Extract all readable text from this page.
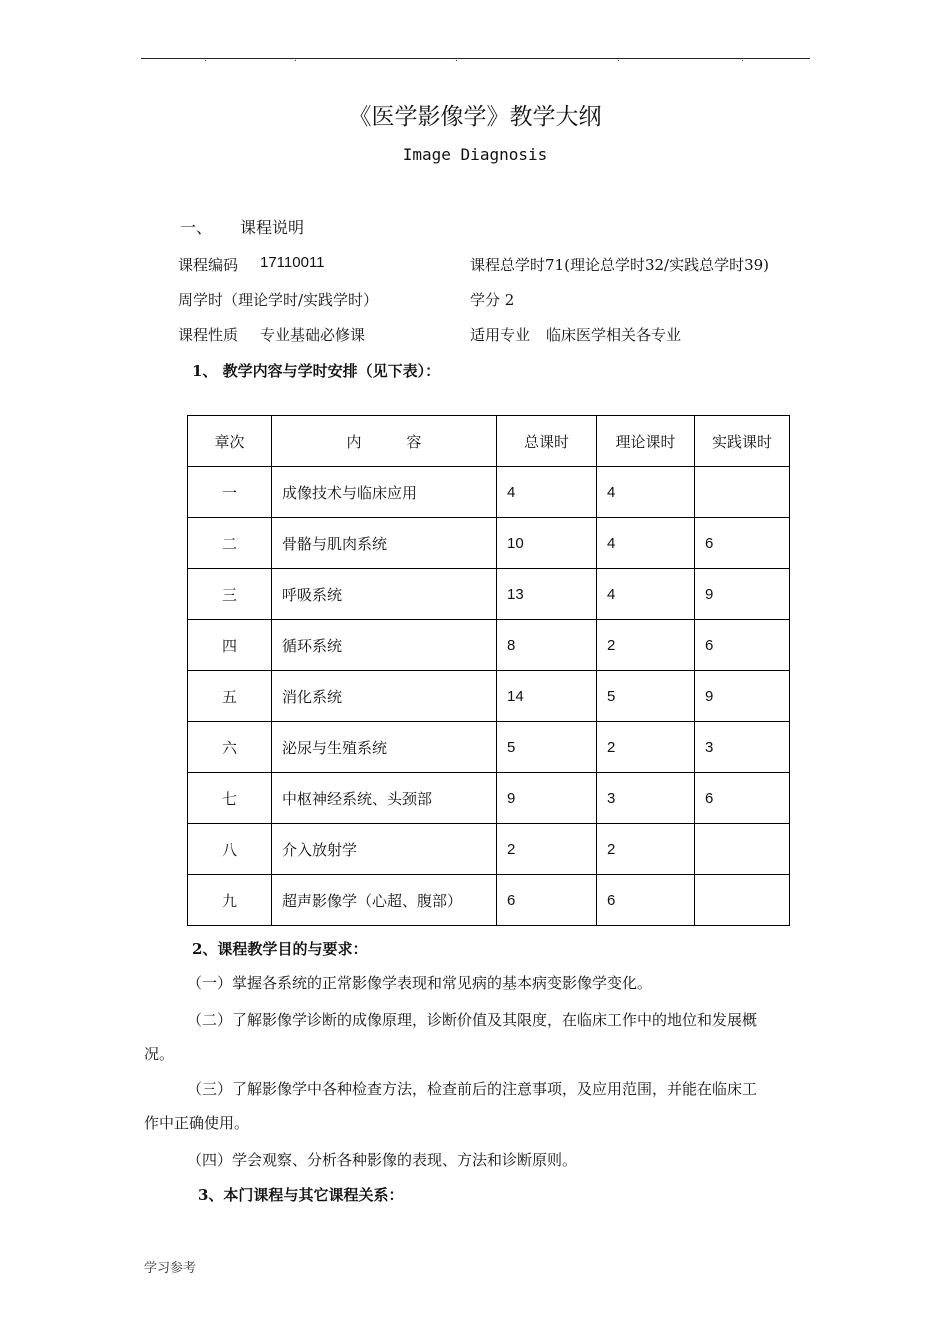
.	.	.	.	.
《医学影像学》教学大纲
Image Diagnosis
一、 课程说明
课程编码 17110011	课程总学时71(理论总学时32/实践总学时39)
周学时（理论学时/实践学时）	学分 2
课程性质 专业基础必修课	适用专业 临床医学相关各专业
1、 教学内容与学时安排（见下表）：
章次	内　　　容	总课时	理论课时	实践课时
一	成像技术与临床应用	4	4	
二	骨骼与肌肉系统	10	4	6
三	呼吸系统	13	4	9
四	循环系统	8	2	6
五	消化系统	14	5	9
六	泌尿与生殖系统	5	2	3
七	中枢神经系统、头颈部	9	3	6
八	介入放射学	2	2	
九	超声影像学（心超、腹部）	6	6	
2、课程教学目的与要求：
（一）掌握各系统的正常影像学表现和常见病的基本病变影像学变化。
（二）了解影像学诊断的成像原理，诊断价值及其限度，在临床工作中的地位和发展概
况。
（三）了解影像学中各种检查方法，检查前后的注意事项，及应用范围，并能在临床工
作中正确使用。
（四）学会观察、分析各种影像的表现、方法和诊断原则。
3、本门课程与其它课程关系：
学习参考
